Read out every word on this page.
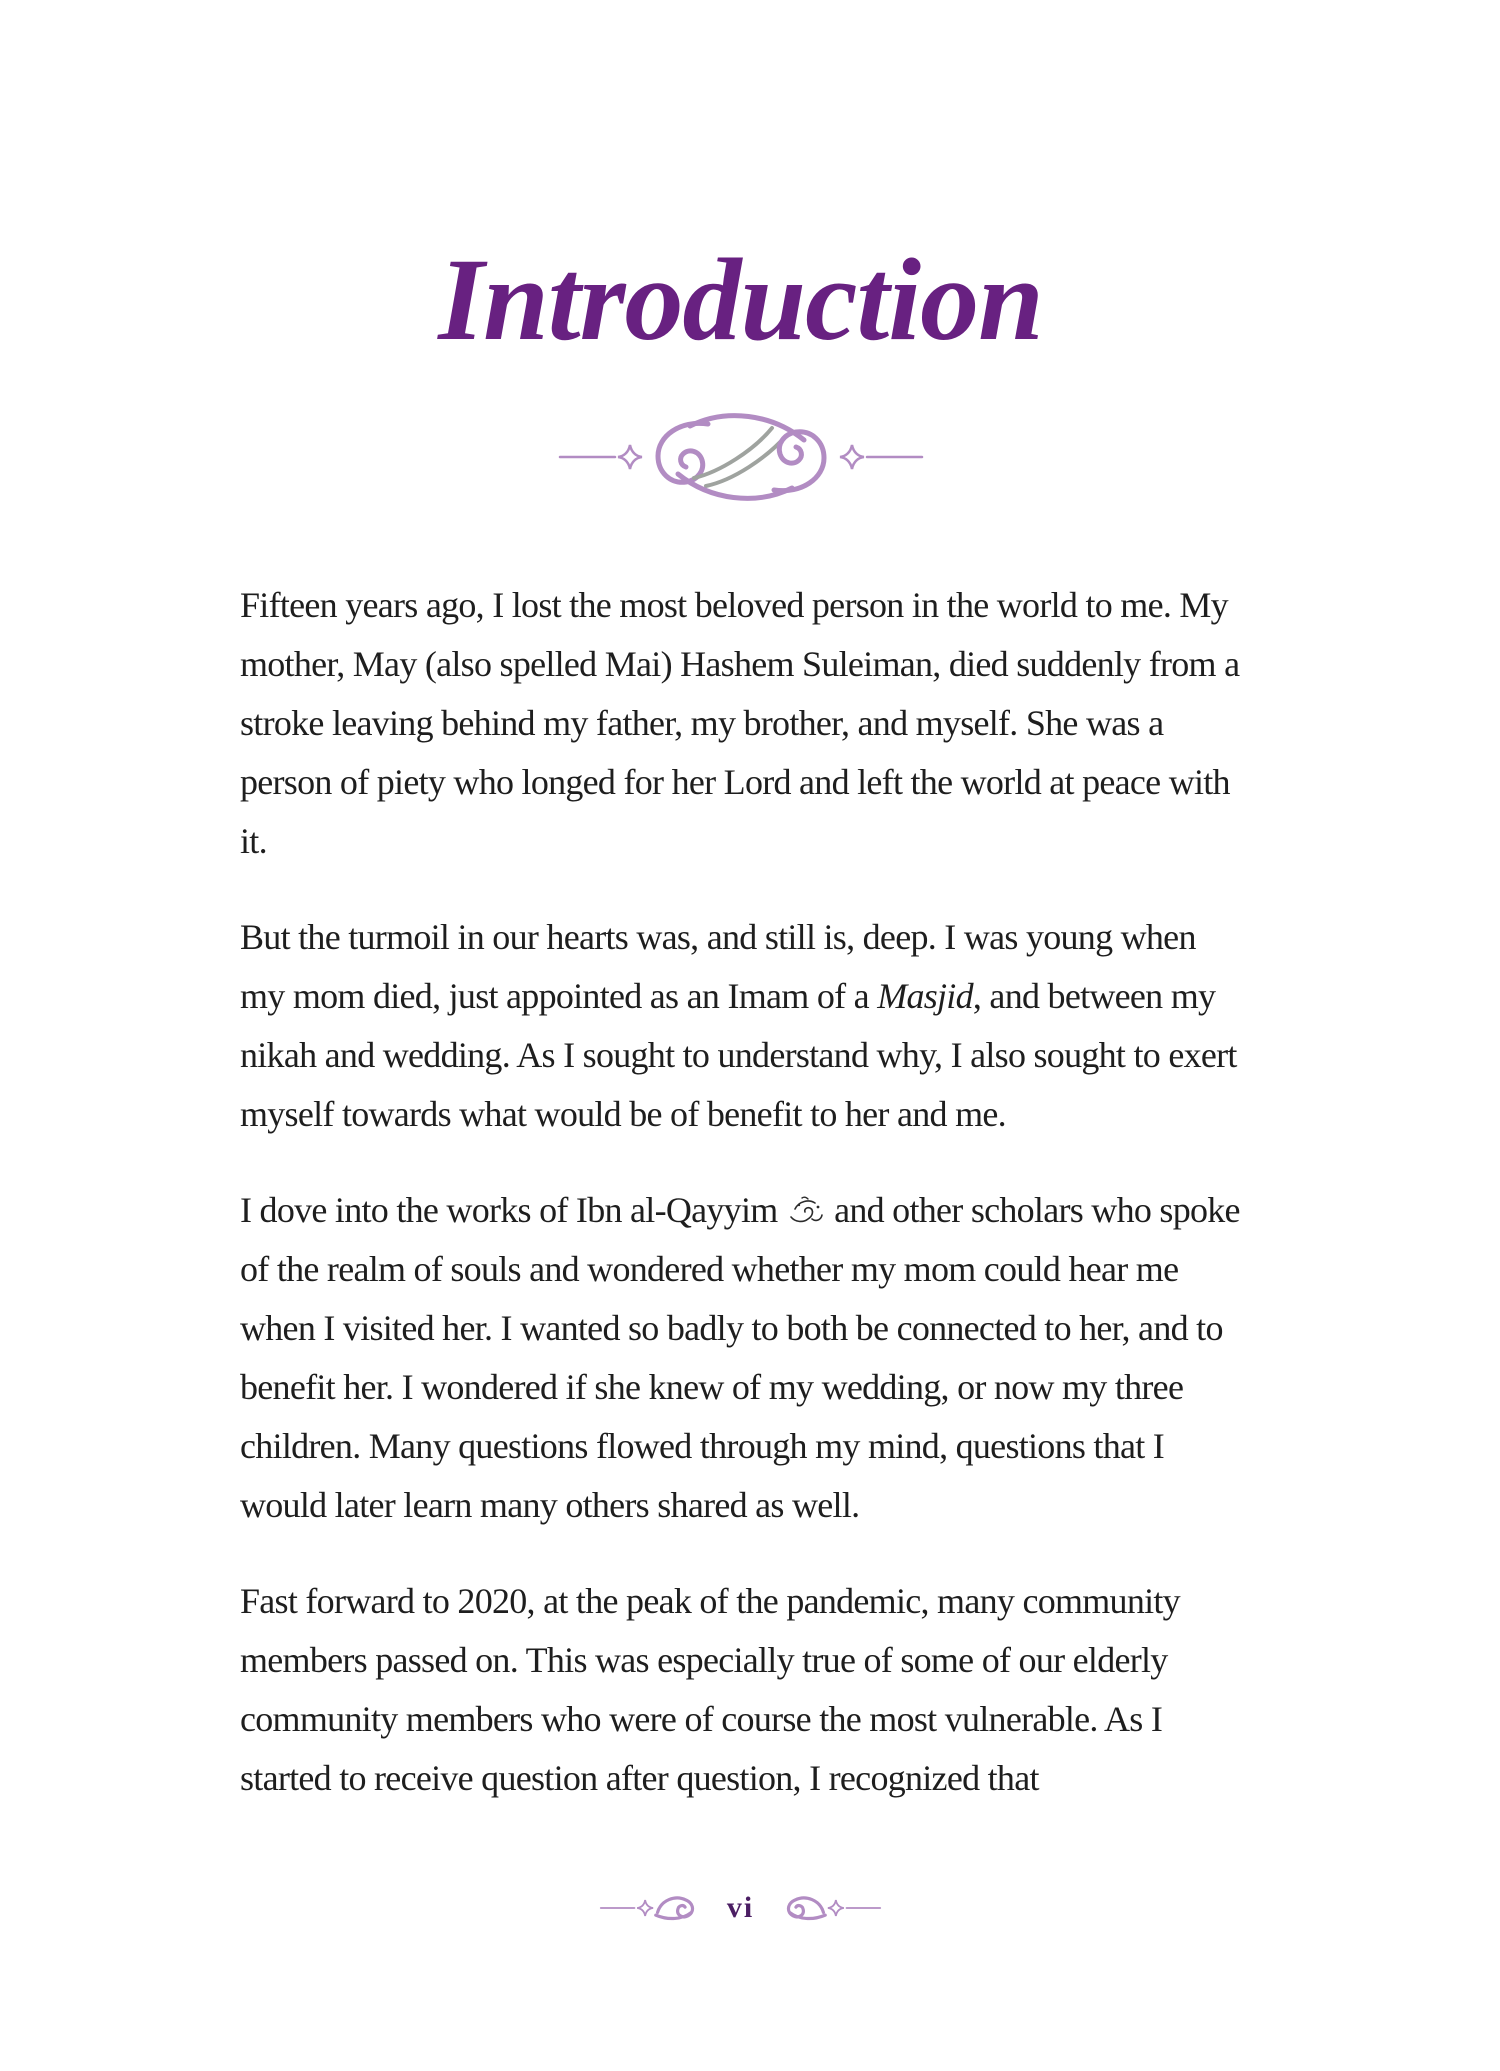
Introduction

Fifteen years ago, I lost the most beloved person in the world to me. My mother, May (also spelled Mai) Hashem Suleiman, died suddenly from a stroke leaving behind my father, my brother, and myself. She was a person of piety who longed for her Lord and left the world at peace with it.

But the turmoil in our hearts was, and still is, deep. I was young when my mom died, just appointed as an Imam of a Masjid, and between my nikah and wedding. As I sought to understand why, I also sought to exert myself towards what would be of benefit to her and me.

I dove into the works of Ibn al-Qayyim  and other scholars who spoke of the realm of souls and wondered whether my mom could hear me when I visited her. I wanted so badly to both be connected to her, and to benefit her. I wondered if she knew of my wedding, or now my three children. Many questions flowed through my mind, questions that I would later learn many others shared as well.

Fast forward to 2020, at the peak of the pandemic, many community members passed on. This was especially true of some of our elderly community members who were of course the most vulnerable. As I started to receive question after question, I recognized that

vi
